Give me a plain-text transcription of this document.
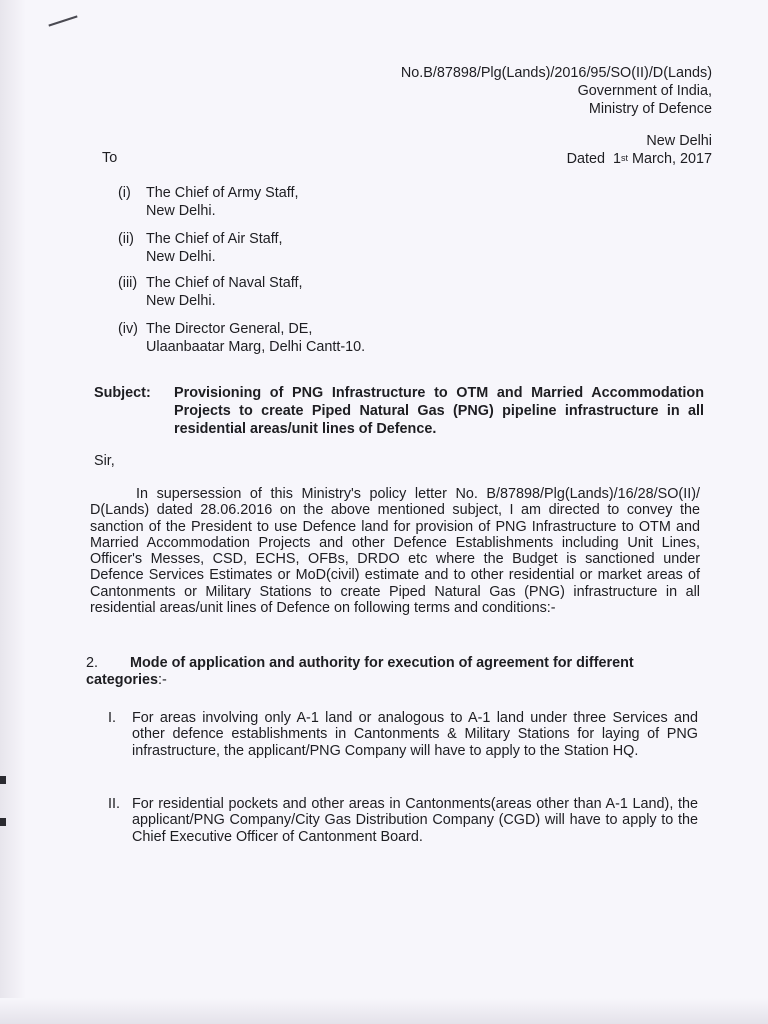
No.B/87898/Plg(Lands)/2016/95/SO(II)/D(Lands)
Government of India,
Ministry of Defence
New Delhi
Dated  1st March, 2017
To
(i) The Chief of Army Staff,
New Delhi.
(ii) The Chief of Air Staff,
New Delhi.
(iii) The Chief of Naval Staff,
New Delhi.
(iv) The Director General, DE,
Ulaanbaatar Marg, Delhi Cantt-10.
Subject: Provisioning of PNG Infrastructure to OTM and Married Accommodation Projects to create Piped Natural Gas (PNG) pipeline infrastructure in all residential areas/unit lines of Defence.
Sir,
In supersession of this Ministry's policy letter No. B/87898/Plg(Lands)/16/28/SO(II)/ D(Lands) dated 28.06.2016 on the above mentioned subject, I am directed to convey the sanction of the President to use Defence land for provision of PNG Infrastructure to OTM and Married Accommodation Projects and other Defence Establishments including Unit Lines, Officer's Messes, CSD, ECHS, OFBs, DRDO etc where the Budget is sanctioned under Defence Services Estimates or MoD(civil) estimate and to other residential or market areas of Cantonments or Military Stations to create Piped Natural Gas (PNG) infrastructure in all residential areas/unit lines of Defence on following terms and conditions:-
2. Mode of application and authority for execution of agreement for different categories:-
I. For areas involving only A-1 land or analogous to A-1 land under three Services and other defence establishments in Cantonments & Military Stations for laying of PNG infrastructure, the applicant/PNG Company will have to apply to the Station HQ.
II. For residential pockets and other areas in Cantonments(areas other than A-1 Land), the applicant/PNG Company/City Gas Distribution Company (CGD) will have to apply to the Chief Executive Officer of Cantonment Board.
